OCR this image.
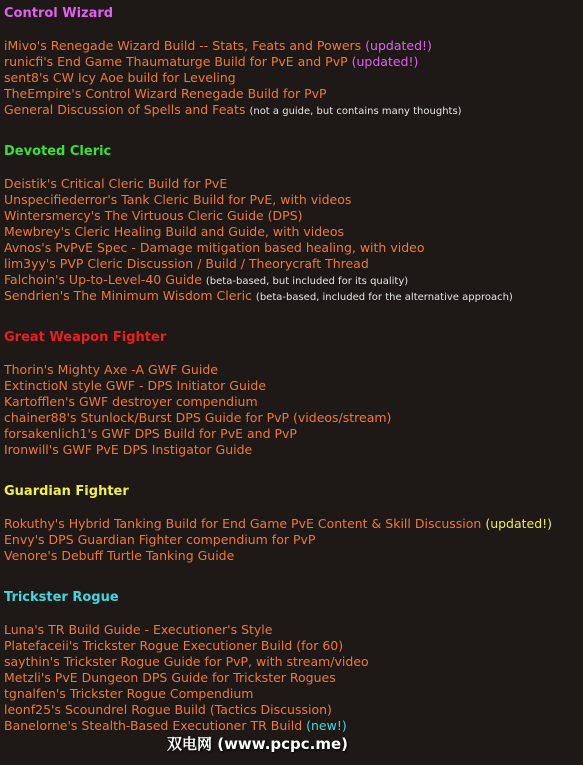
Control Wizard
iMivo's Renegade Wizard Build -- Stats, Feats and Powers (updated!)
runicfi's End Game Thaumaturge Build for PvE and PvP (updated!)
sent8's CW Icy Aoe build for Leveling
TheEmpire's Control Wizard Renegade Build for PvP
General Discussion of Spells and Feats (not a guide, but contains many thoughts)
Devoted Cleric
Deistik's Critical Cleric Build for PvE
Unspecifiederror's Tank Cleric Build for PvE, with videos
Wintersmercy's The Virtuous Cleric Guide (DPS)
Mewbrey's Cleric Healing Build and Guide, with videos
Avnos's PvPvE Spec - Damage mitigation based healing, with video
lim3yy's PVP Cleric Discussion / Build / Theorycraft Thread
Falchoin's Up-to-Level-40 Guide (beta-based, but included for its quality)
Sendrien's The Minimum Wisdom Cleric (beta-based, included for the alternative approach)
Great Weapon Fighter
Thorin's Mighty Axe -A GWF Guide
ExtinctioN style GWF - DPS Initiator Guide
Kartofflen's GWF destroyer compendium
chainer88's Stunlock/Burst DPS Guide for PvP (videos/stream)
forsakenlich1's GWF DPS Build for PvE and PvP
Ironwill's GWF PvE DPS Instigator Guide
Guardian Fighter
Rokuthy's Hybrid Tanking Build for End Game PvE Content & Skill Discussion (updated!)
Envy's DPS Guardian Fighter compendium for PvP
Venore's Debuff Turtle Tanking Guide
Trickster Rogue
Luna's TR Build Guide - Executioner's Style
Platefaceii's Trickster Rogue Executioner Build (for 60)
saythin's Trickster Rogue Guide for PvP, with stream/video
Metzli's PvE Dungeon DPS Guide for Trickster Rogues
tgnalfen's Trickster Rogue Compendium
leonf25's Scoundrel Rogue Build (Tactics Discussion)
Banelorne's Stealth-Based Executioner TR Build (new!)
双电网 (www.pcpc.me)
